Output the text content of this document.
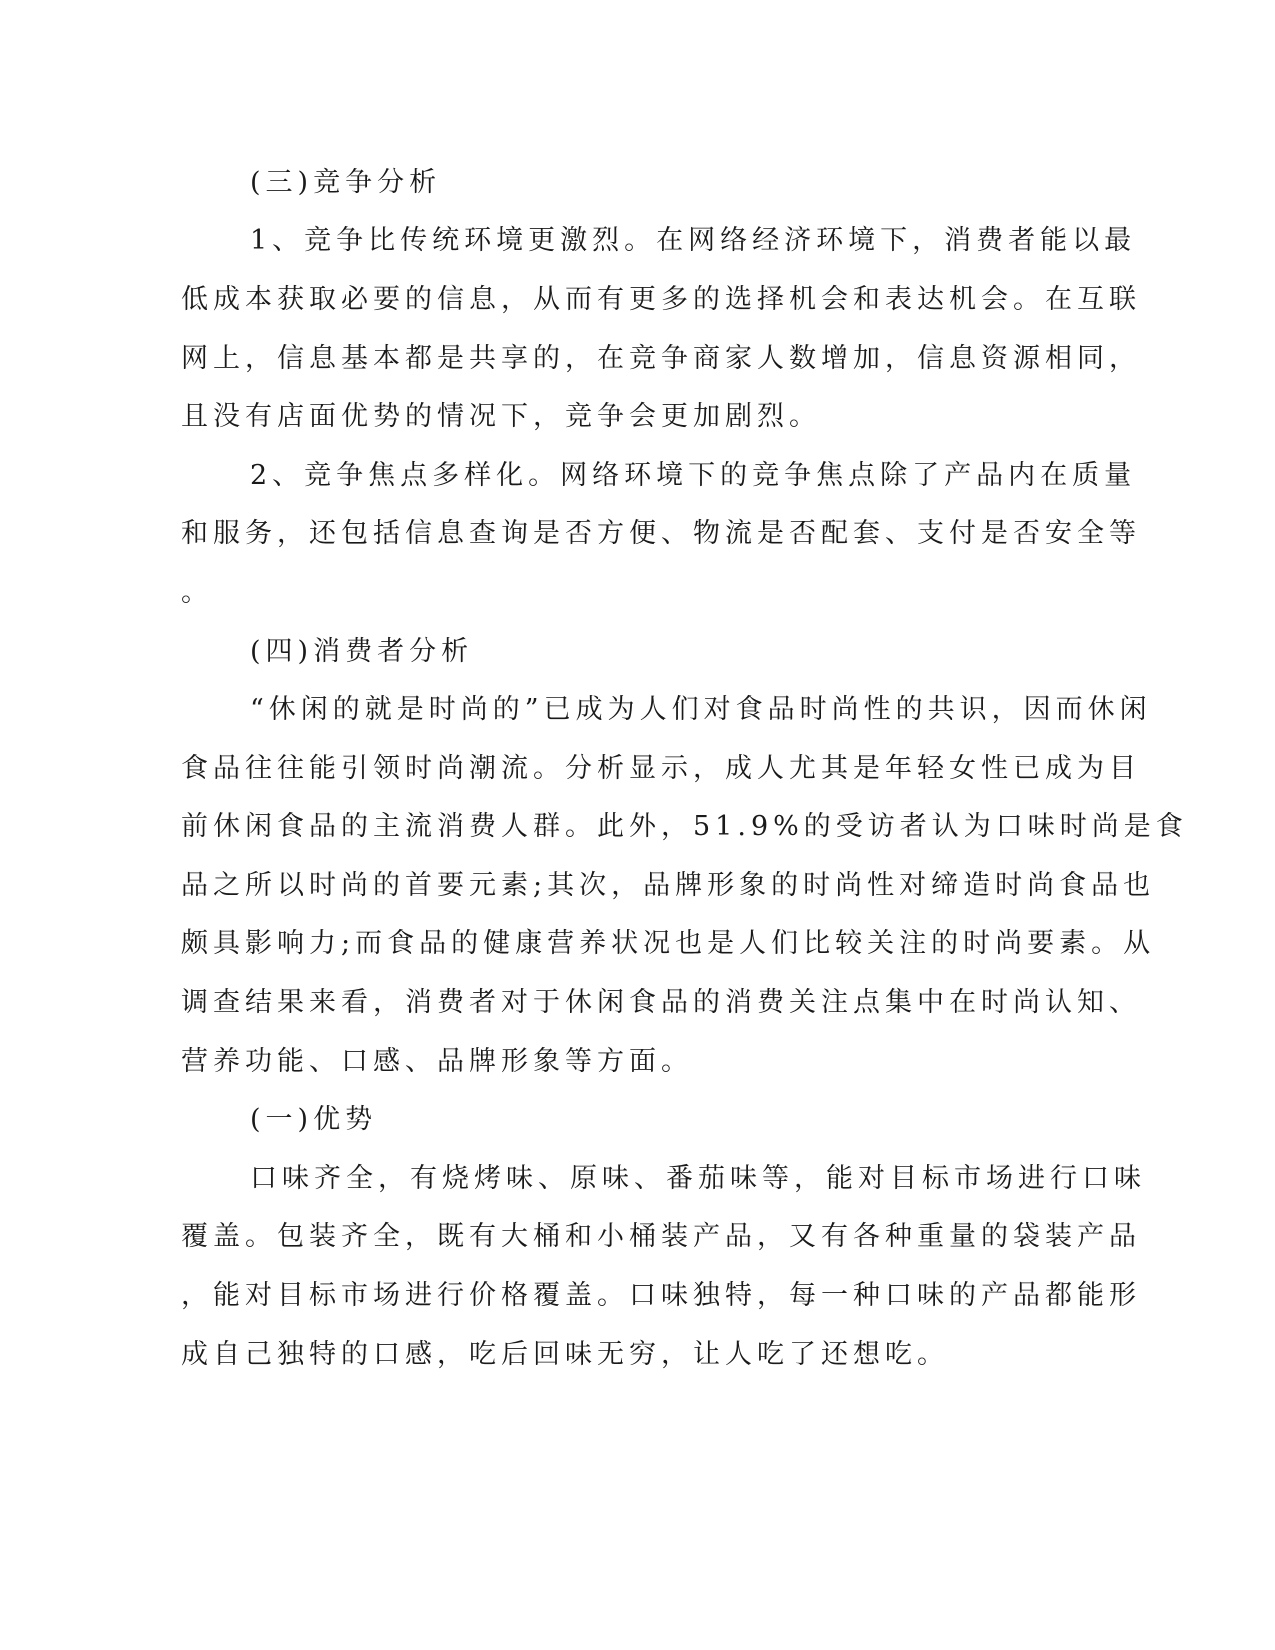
(三)竞争分析
1、竞争比传统环境更激烈。在网络经济环境下，消费者能以最
低成本获取必要的信息，从而有更多的选择机会和表达机会。在互联
网上，信息基本都是共享的，在竞争商家人数增加，信息资源相同，
且没有店面优势的情况下，竞争会更加剧烈。
2、竞争焦点多样化。网络环境下的竞争焦点除了产品内在质量
和服务，还包括信息查询是否方便、物流是否配套、支付是否安全等
。
(四)消费者分析
“休闲的就是时尚的”已成为人们对食品时尚性的共识，因而休闲
食品往往能引领时尚潮流。分析显示，成人尤其是年轻女性已成为目
前休闲食品的主流消费人群。此外，51.9%的受访者认为口味时尚是食
品之所以时尚的首要元素;其次，品牌形象的时尚性对缔造时尚食品也
颇具影响力;而食品的健康营养状况也是人们比较关注的时尚要素。从
调查结果来看，消费者对于休闲食品的消费关注点集中在时尚认知、
营养功能、口感、品牌形象等方面。
(一)优势
口味齐全，有烧烤味、原味、番茄味等，能对目标市场进行口味
覆盖。包装齐全，既有大桶和小桶装产品，又有各种重量的袋装产品
，能对目标市场进行价格覆盖。口味独特，每一种口味的产品都能形
成自己独特的口感，吃后回味无穷，让人吃了还想吃。
